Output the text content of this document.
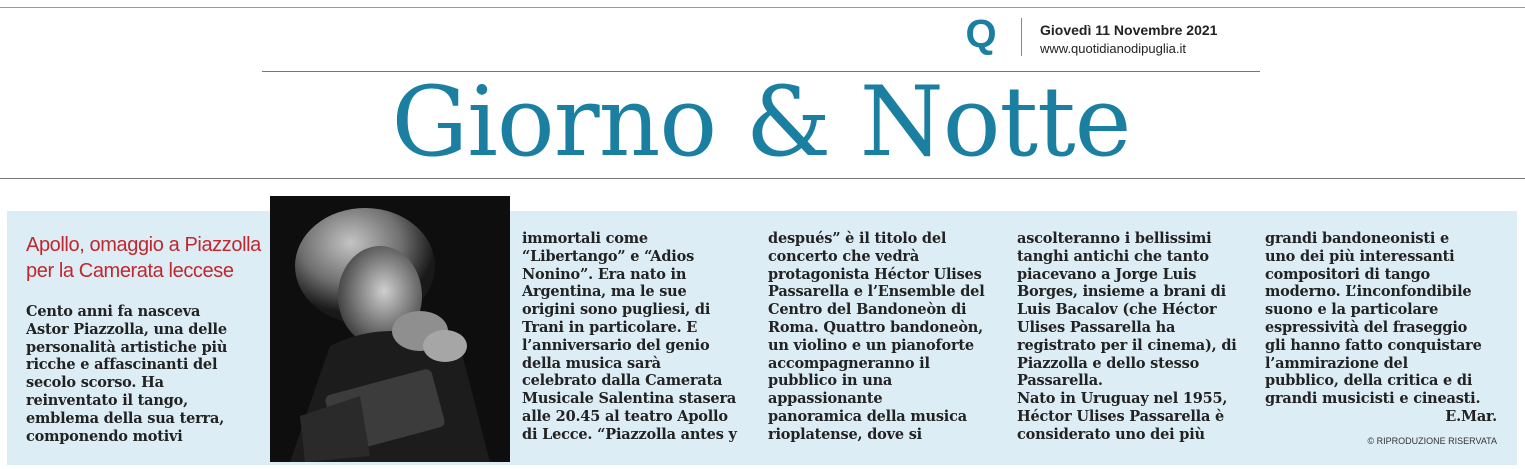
Q	Giovedì 11 Novembre 2021
www.quotidianodipuglia.it
Giorno & Notte
Apollo, omaggio a Piazzolla
per la Camerata leccese
Cento anni fa nasceva
Astor Piazzolla, una delle
personalità artistiche più
ricche e affascinanti del
secolo scorso. Ha
reinventato il tango,
emblema della sua terra,
componendo motivi
immortali come
“Libertango” e “Adios
Nonino”. Era nato in
Argentina, ma le sue
origini sono pugliesi, di
Trani in particolare. E
l’anniversario del genio
della musica sarà
celebrato dalla Camerata
Musicale Salentina stasera
alle 20.45 al teatro Apollo
di Lecce. “Piazzolla antes y
después” è il titolo del
concerto che vedrà
protagonista Héctor Ulises
Passarella e l’Ensemble del
Centro del Bandoneòn di
Roma. Quattro bandoneòn,
un violino e un pianoforte
accompagneranno il
pubblico in una
appassionante
panoramica della musica
rioplatense, dove si
ascolteranno i bellissimi
tanghi antichi che tanto
piacevano a Jorge Luis
Borges, insieme a brani di
Luis Bacalov (che Héctor
Ulises Passarella ha
registrato per il cinema), di
Piazzolla e dello stesso
Passarella.
Nato in Uruguay nel 1955,
Héctor Ulises Passarella è
considerato uno dei più
grandi bandoneonisti e
uno dei più interessanti
compositori di tango
moderno. L’inconfondibile
suono e la particolare
espressività del fraseggio
gli hanno fatto conquistare
l’ammirazione del
pubblico, della critica e di
grandi musicisti e cineasti.
E.Mar.
© RIPRODUZIONE RISERVATA
